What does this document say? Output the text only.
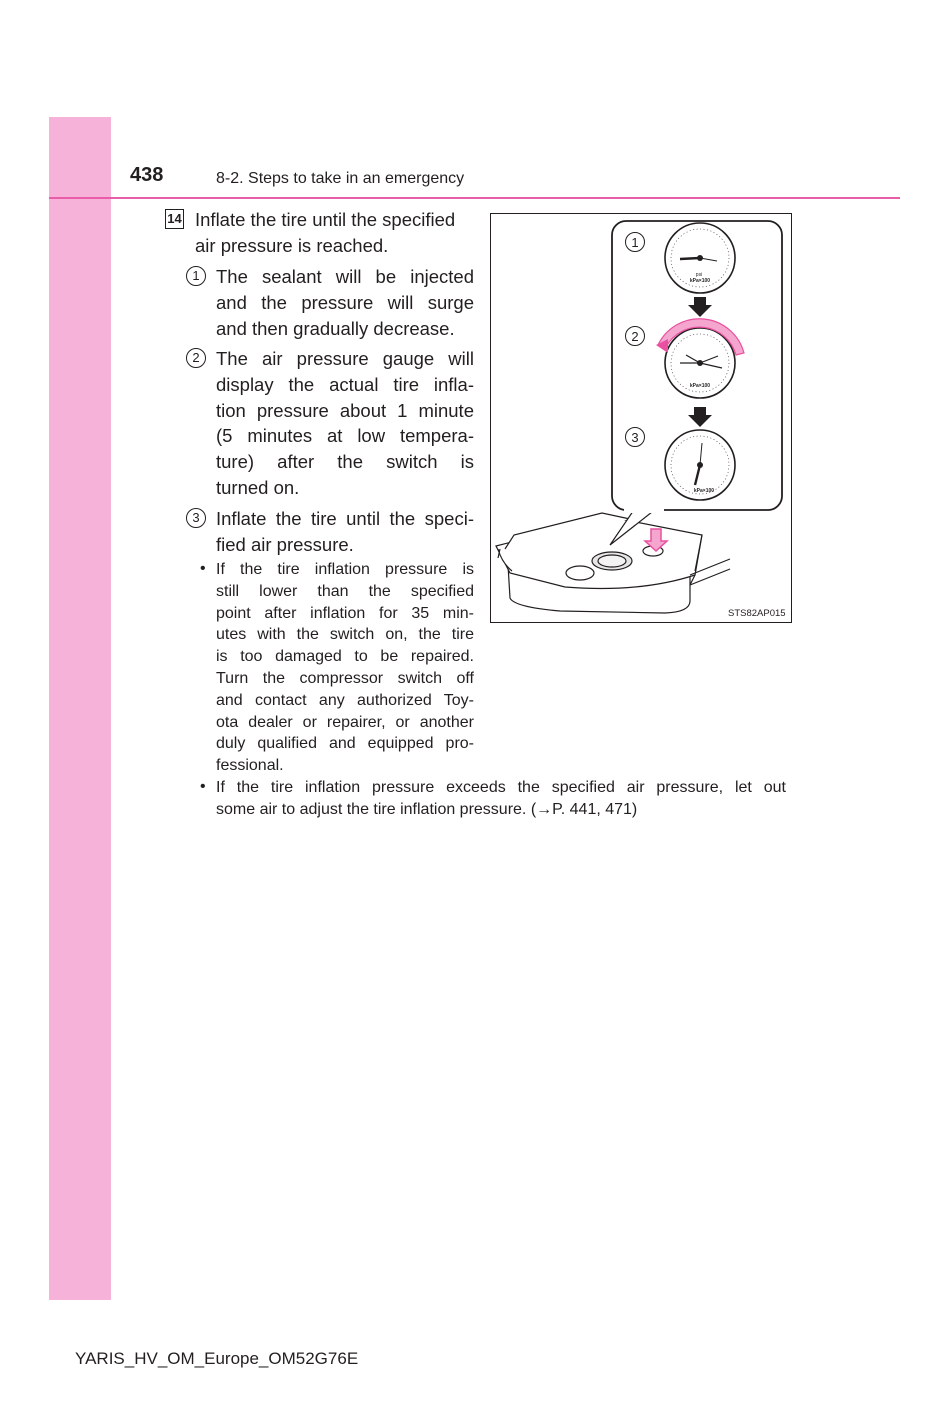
438	8-2. Steps to take in an emergency
14 Inflate the tire until the specified
air pressure is reached.
1 The sealant will be injected
and the pressure will surge
and then gradually decrease.
2 The air pressure gauge will
display the actual tire infla-
tion pressure about 1 minute
(5 minutes at low tempera-
ture) after the switch is
turned on.
3 Inflate the tire until the speci-
fied air pressure.
• If the tire inflation pressure is
still lower than the specified
point after inflation for 35 min-
utes with the switch on, the tire
is too damaged to be repaired.
Turn the compressor switch off
and contact any authorized Toy-
ota dealer or repairer, or another
duly qualified and equipped pro-
fessional.
• If the tire inflation pressure exceeds the specified air pressure, let out
some air to adjust the tire inflation pressure. (→P. 441, 471)
1
2
3
psi
kPa×100
kPa×100
kPa×100
STS82AP015
YARIS_HV_OM_Europe_OM52G76E
